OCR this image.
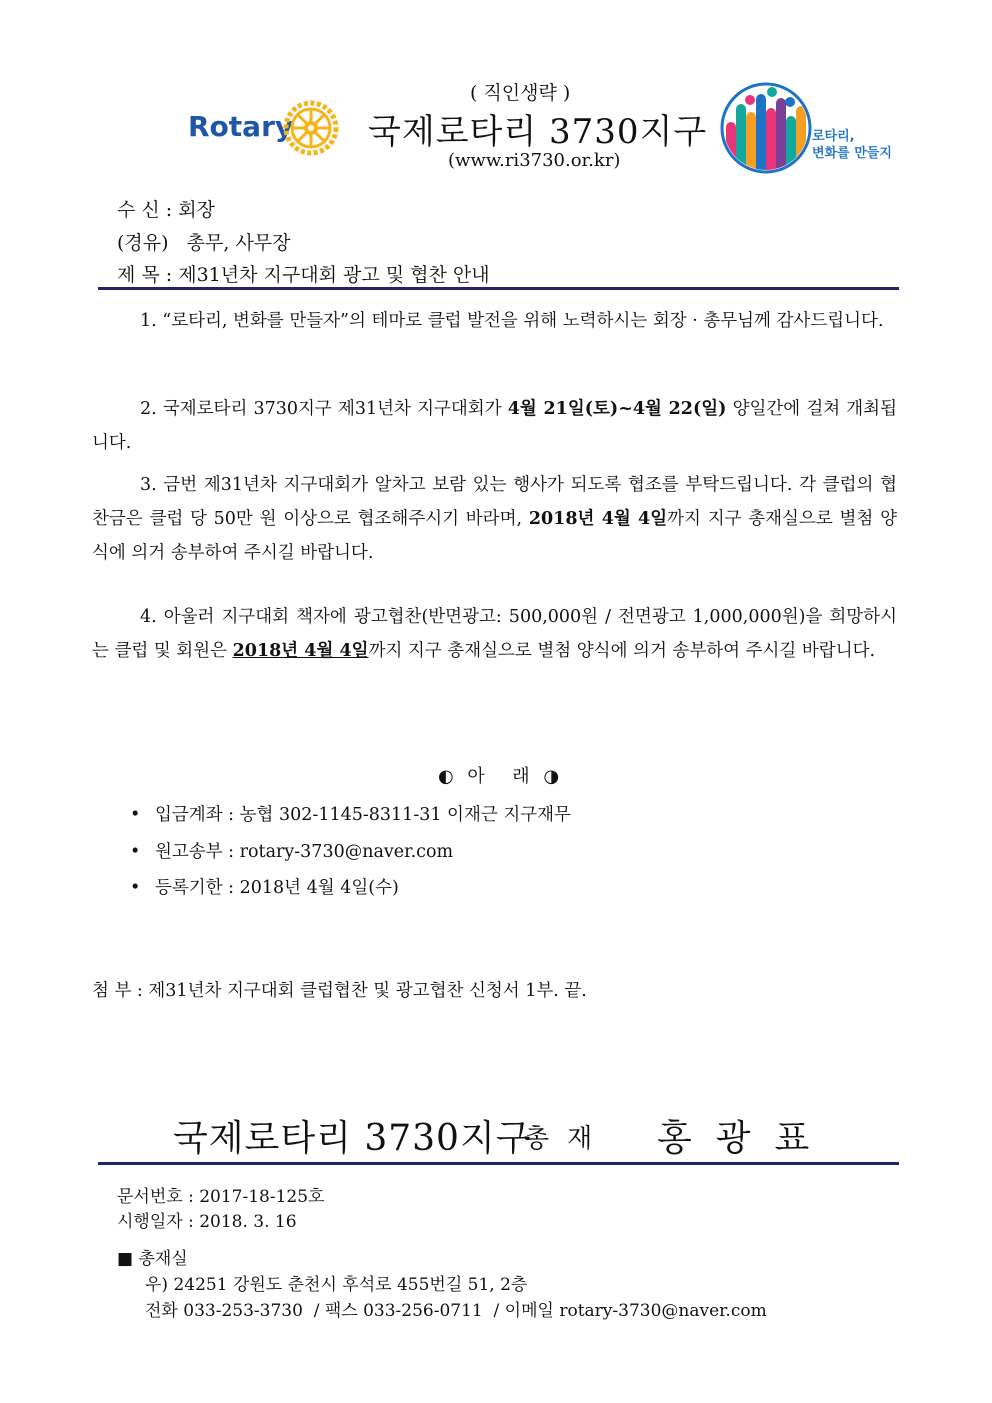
Rotary
( 직인생략 )
국제로타리 3730지구
(www.ri3730.or.kr)
로타리,
변화를 만들지
수 신 : 회장
(경유)   총무, 사무장
제 목 : 제31년차 지구대회 광고 및 협찬 안내
1. “로타리, 변화를 만들자”의 테마로 클럽 발전을 위해 노력하시는 회장 · 총무님께 감사드립니다.
2. 국제로타리 3730지구 제31년차 지구대회가 4월 21일(토)~4월 22(일) 양일간에 걸쳐 개최됩니다.
3. 금번 제31년차 지구대회가 알차고 보람 있는 행사가 되도록 협조를 부탁드립니다. 각 클럽의 협찬금은 클럽 당 50만 원 이상으로 협조해주시기 바라며, 2018년 4월 4일까지 지구 총재실으로 별첨 양식에 의거 송부하여 주시길 바랍니다.
4. 아울러 지구대회 책자에 광고협찬(반면광고: 500,000원 / 전면광고 1,000,000원)을 희망하시는 클럽 및 회원은 2018년 4월 4일까지 지구 총재실으로 별첨 양식에 의거 송부하여 주시길 바랍니다.
◐ 아  래 ◑
• 입금계좌 : 농협 302-1145-8311-31 이재근 지구재무
• 원고송부 : rotary-3730@naver.com
• 등록기한 : 2018년 4월 4일(수)
첨 부 : 제31년차 지구대회 클럽협찬 및 광고협찬 신청서 1부. 끝.
국제로타리 3730지구
총재 홍광표
문서번호 : 2017-18-125호
시행일자 : 2018. 3. 16
■ 총재실
우) 24251 강원도 춘천시 후석로 455번길 51, 2층
전화 033-253-3730  / 팩스 033-256-0711  / 이메일 rotary-3730@naver.com
